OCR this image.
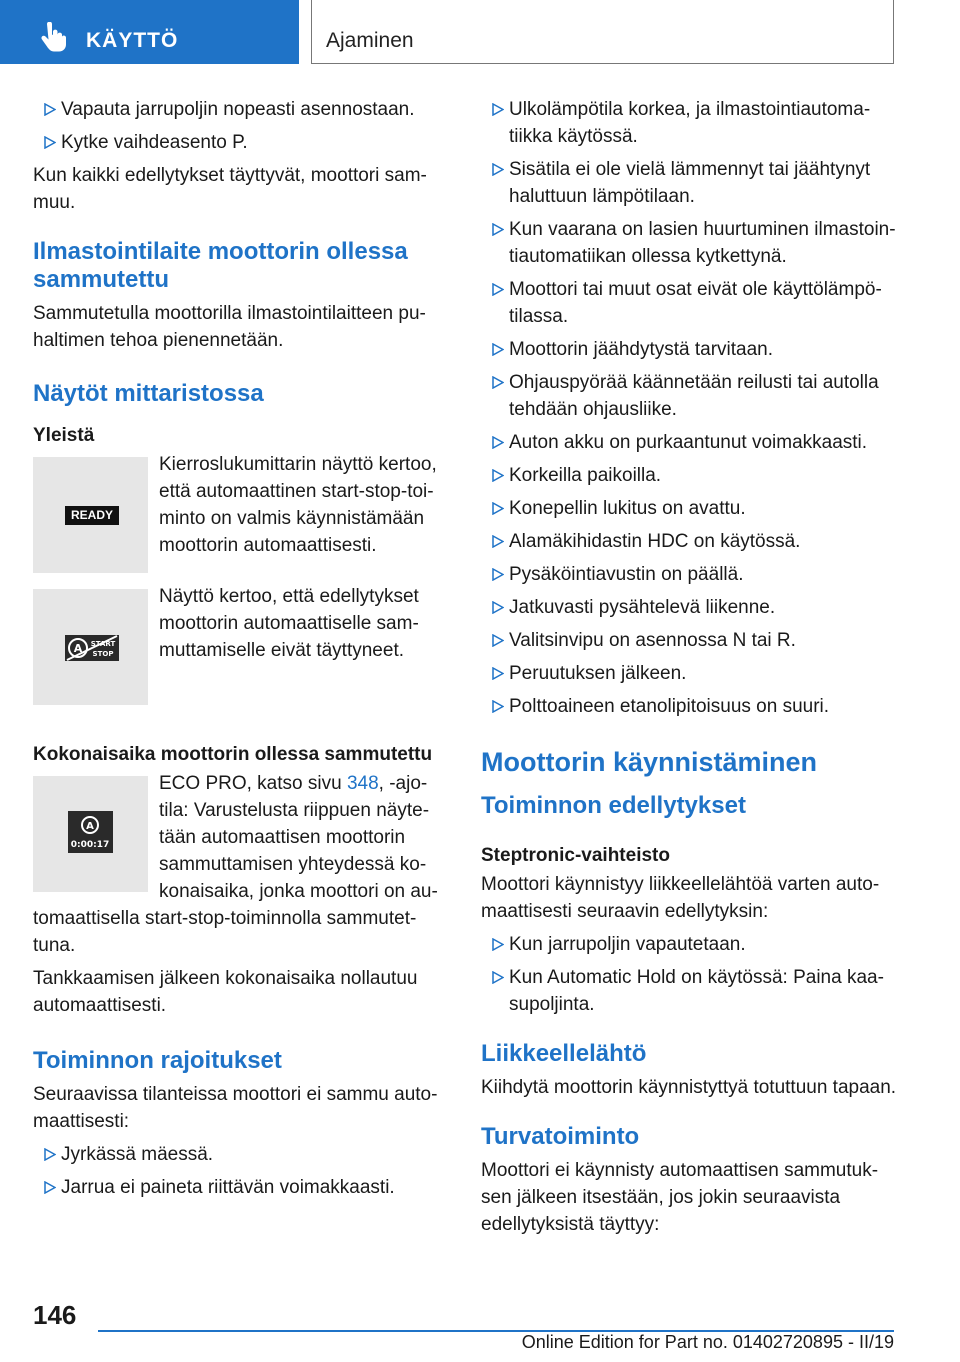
KÄYTTÖ	Ajaminen
Vapauta jarrupoljin nopeasti asennostaan.
Kytke vaihdeasento P.

Kun kaikki edellytykset täyttyvät, moottori sammuu.

Ilmastointilaite moottorin ollessa sammutettu

Sammutetulla moottorilla ilmastointilaitteen puhaltimen tehoa pienennetään.

Näytöt mittaristossa
Yleistä
READY

Kierroslukumittarin näyttö kertoo, että automaattinen start-stop-toiminto on valmis käynnistämään moottorin automaattisesti.

A START
STOP

Näyttö kertoo, että edellytykset moottorin automaattiselle sammuttamiselle eivät täyttyneet.

Kokonaisaika moottorin ollessa sammutettu
A
0:00:17

ECO PRO, katso sivu 348, -ajotila: Varustelusta riippuen näytetään automaattisen moottorin sammuttamisen yhteydessä kokonaisaika, jonka moottori on automaattisella start-stop-toiminnolla sammutettuna.

Tankkaamisen jälkeen kokonaisaika nollautuu automaattisesti.

Toiminnon rajoitukset

Seuraavissa tilanteissa moottori ei sammu automaattisesti:

Jyrkässä mäessä.
Jarrua ei paineta riittävän voimakkaasti.
Ulkolämpötila korkea, ja ilmastointiautomatiikka käytössä.
Sisätila ei ole vielä lämmennyt tai jäähtynyt haluttuun lämpötilaan.
Kun vaarana on lasien huurtuminen ilmastointiautomatiikan ollessa kytkettynä.
Moottori tai muut osat eivät ole käyttölämpötilassa.
Moottorin jäähdytystä tarvitaan.
Ohjauspyörää käännetään reilusti tai autolla tehdään ohjausliike.
Auton akku on purkaantunut voimakkaasti.
Korkeilla paikoilla.
Konepellin lukitus on avattu.
Alamäkihidastin HDC on käytössä.
Pysäköintiavustin on päällä.
Jatkuvasti pysähtelevä liikenne.
Valitsinvipu on asennossa N tai R.
Peruutuksen jälkeen.
Polttoaineen etanolipitoisuus on suuri.
Moottorin käynnistäminen
Toiminnon edellytykset
Steptronic-vaihteisto

Moottori käynnistyy liikkeellelähtöä varten automaattisesti seuraavin edellytyksin:

Kun jarrupoljin vapautetaan.
Kun Automatic Hold on käytössä: Paina kaasupoljinta.
Liikkeellelähtö

Kiihdytä moottorin käynnistyttyä totuttuun tapaan.

Turvatoiminto

Moottori ei käynnisty automaattisen sammutuksen jälkeen itsestään, jos jokin seuraavista edellytyksistä täyttyy:

146
Online Edition for Part no. 01402720895 - II/19
